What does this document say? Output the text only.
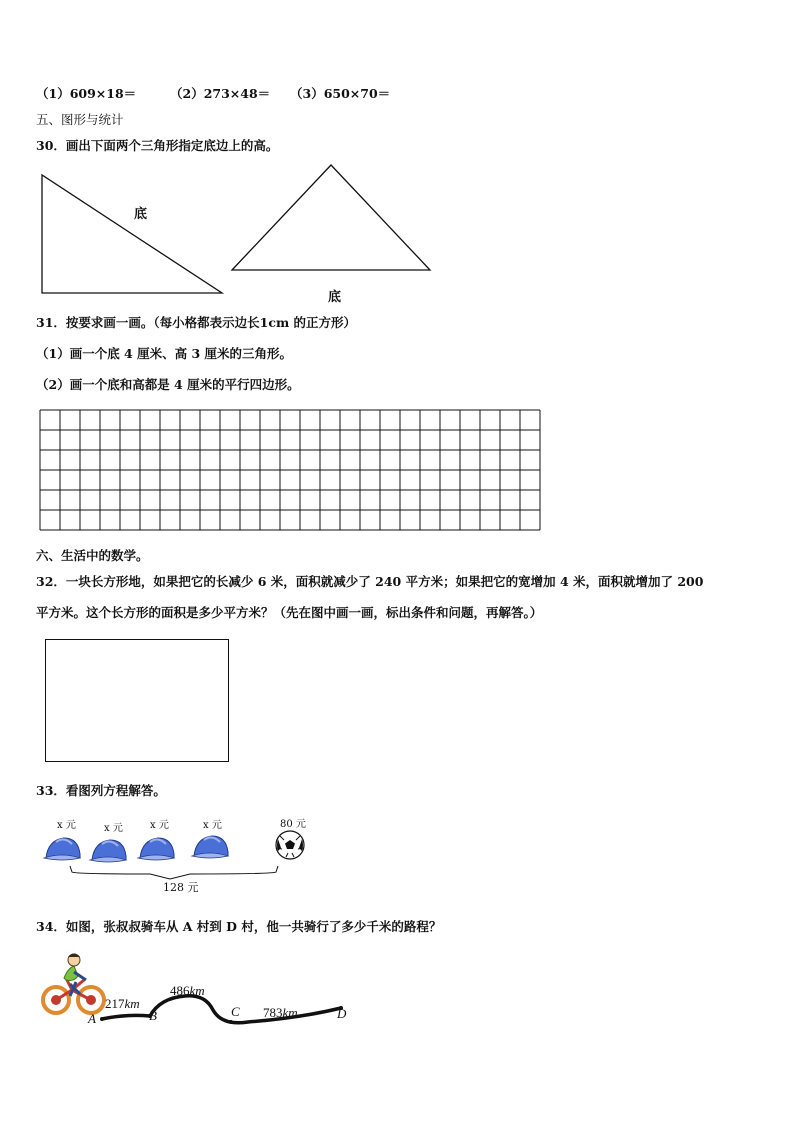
（1）609×18＝	（2）273×48＝ （3）650×70＝
五、图形与统计
30．画出下面两个三角形指定底边上的高。
底
底
31．按要求画一画。（每小格都表示边长1cm 的正方形）
（1）画一个底 4 厘米、高 3 厘米的三角形。
（2）画一个底和高都是 4 厘米的平行四边形。
六、生活中的数学。
32．一块长方形地，如果把它的长减少 6 米，面积就减少了 240 平方米；如果把它的宽增加 4 米，面积就增加了 200
平方米。这个长方形的面积是多少平方米？（先在图中画一画，标出条件和问题，再解答。）
33．看图列方程解答。
x 元	x 元	x 元	x 元	80 元
128 元
34．如图，张叔叔骑车从 A 村到 D 村，他一共骑行了多少千米的路程？
A	B	C	D
217km
486km
783km
